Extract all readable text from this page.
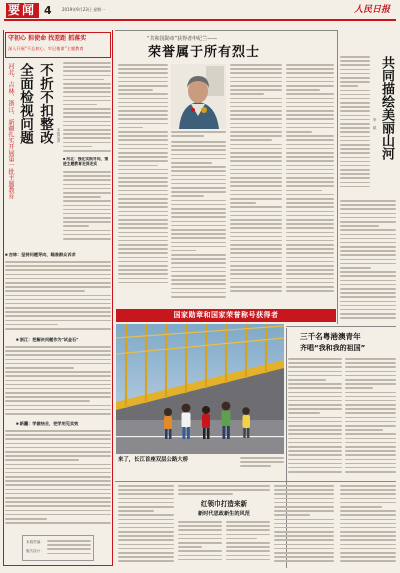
要闻 4	2019年9月23日 星期一	人民日报
守初心 担使命 找差距 抓落实
深入开展“不忘初心、牢记使命”主题教育
河北、吉林、浙江、新疆扎实开展第一批主题教育 全面检视问题 不折不扣整改	本报记者
■ 河北：强化实践导向，推进主题教育走深走实
■ 吉林：坚持问题导向，瞄准群众诉求
■ 浙江：把解决问题作为“试金石”
■ 新疆：学做结合，把学用见实效
本版责编：
版式设计：
“共和国勋章”获得者申纪兰——
荣誉属于所有烈士
国家勋章和国家荣誉称号获得者
共同描绘美丽山河
李 斌
来了，长江首座双层公路大桥
三千名粤港澳青年
齐唱“我和我的祖国”
红领巾打造来新
新时代思政新生的风范
